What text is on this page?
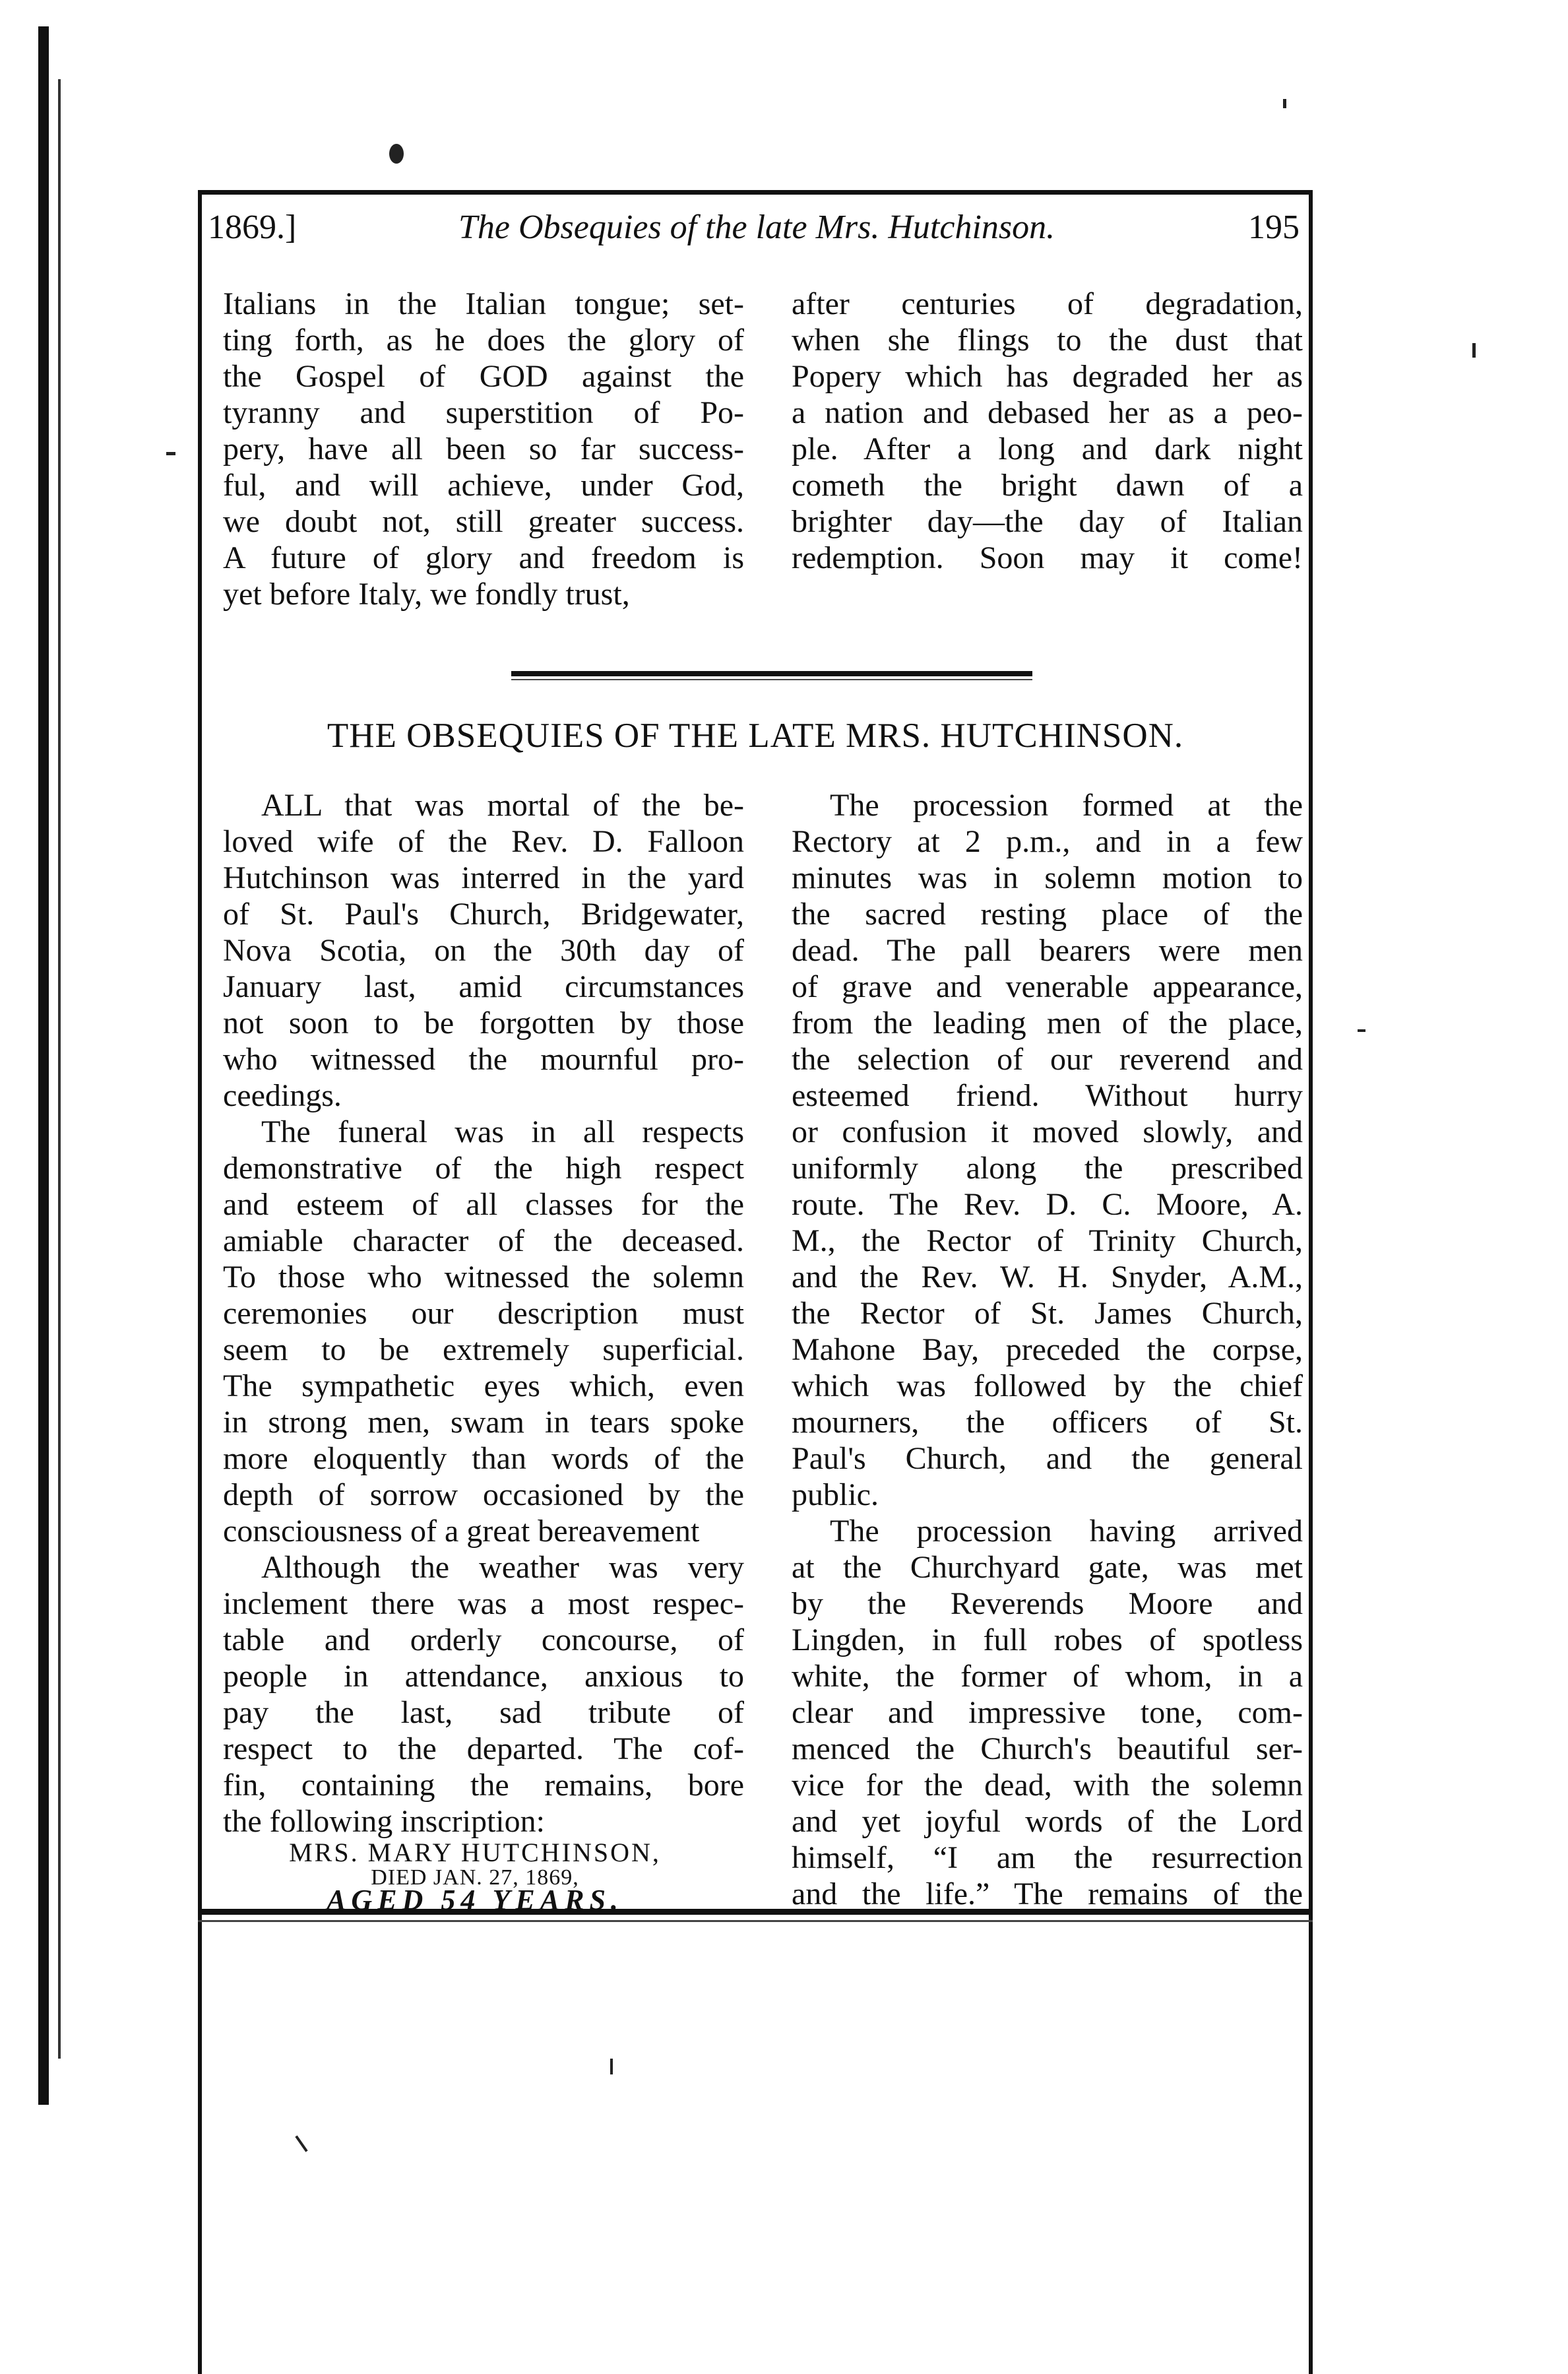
1869.]	The Obsequies of the late Mrs. Hutchinson.	195
Italians in the Italian tongue; set-
ting forth, as he does the glory of
the Gospel of GOD against the
tyranny and superstition of Po-
pery, have all been so far success-
ful, and will achieve, under God,
we doubt not, still greater success.
A future of glory and freedom is
yet before Italy, we fondly trust,
after centuries of degradation,
when she flings to the dust that
Popery which has degraded her as
a nation and debased her as a peo-
ple. After a long and dark night
cometh the bright dawn of a
brighter day—the day of Italian
redemption. Soon may it come!
THE OBSEQUIES OF THE LATE MRS. HUTCHINSON.
ALL that was mortal of the be-
loved wife of the Rev. D. Falloon
Hutchinson was interred in the yard
of St. Paul's Church, Bridgewater,
Nova Scotia, on the 30th day of
January last, amid circumstances
not soon to be forgotten by those
who witnessed the mournful pro-
ceedings.
The funeral was in all respects
demonstrative of the high respect
and esteem of all classes for the
amiable character of the deceased.
To those who witnessed the solemn
ceremonies our description must
seem to be extremely superficial.
The sympathetic eyes which, even
in strong men, swam in tears spoke
more eloquently than words of the
depth of sorrow occasioned by the
consciousness of a great bereavement
Although the weather was very
inclement there was a most respec-
table and orderly concourse, of
people in attendance, anxious to
pay the last, sad tribute of
respect to the departed. The cof-
fin, containing the remains, bore
the following inscription:
The procession formed at the
Rectory at 2 p.m., and in a few
minutes was in solemn motion to
the sacred resting place of the
dead. The pall bearers were men
of grave and venerable appearance,
from the leading men of the place,
the selection of our reverend and
esteemed friend. Without hurry
or confusion it moved slowly, and
uniformly along the prescribed
route. The Rev. D. C. Moore, A.
M., the Rector of Trinity Church,
and the Rev. W. H. Snyder, A.M.,
the Rector of St. James Church,
Mahone Bay, preceded the corpse,
which was followed by the chief
mourners, the officers of St.
Paul's Church, and the general
public.
The procession having arrived
at the Churchyard gate, was met
by the Reverends Moore and
Lingden, in full robes of spotless
white, the former of whom, in a
clear and impressive tone, com-
menced the Church's beautiful ser-
vice for the dead, with the solemn
and yet joyful words of the Lord
himself, “I am the resurrection
and the life.” The remains of the
MRS. MARY HUTCHINSON,
DIED JAN. 27, 1869,
AGED 54 YEARS.
